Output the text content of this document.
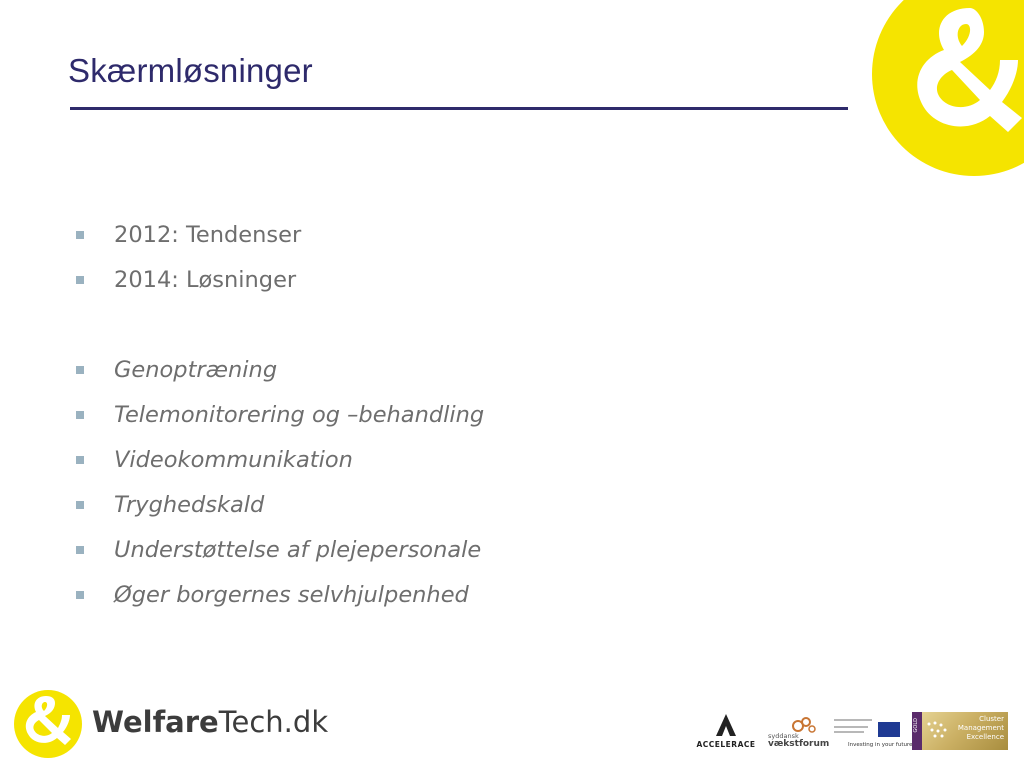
Skærmløsninger
2012: Tendenser
2014: Løsninger
Genoptræning
Telemonitorering og –behandling
Videokommunikation
Tryghedskald
Understøttelse af plejepersonale
Øger borgernes selvhjulpenhed
WelfareTech.dk
ACCELERACE
syddansk
vækstforum	Investing in your future
GOLD	Cluster
Management
Excellence
